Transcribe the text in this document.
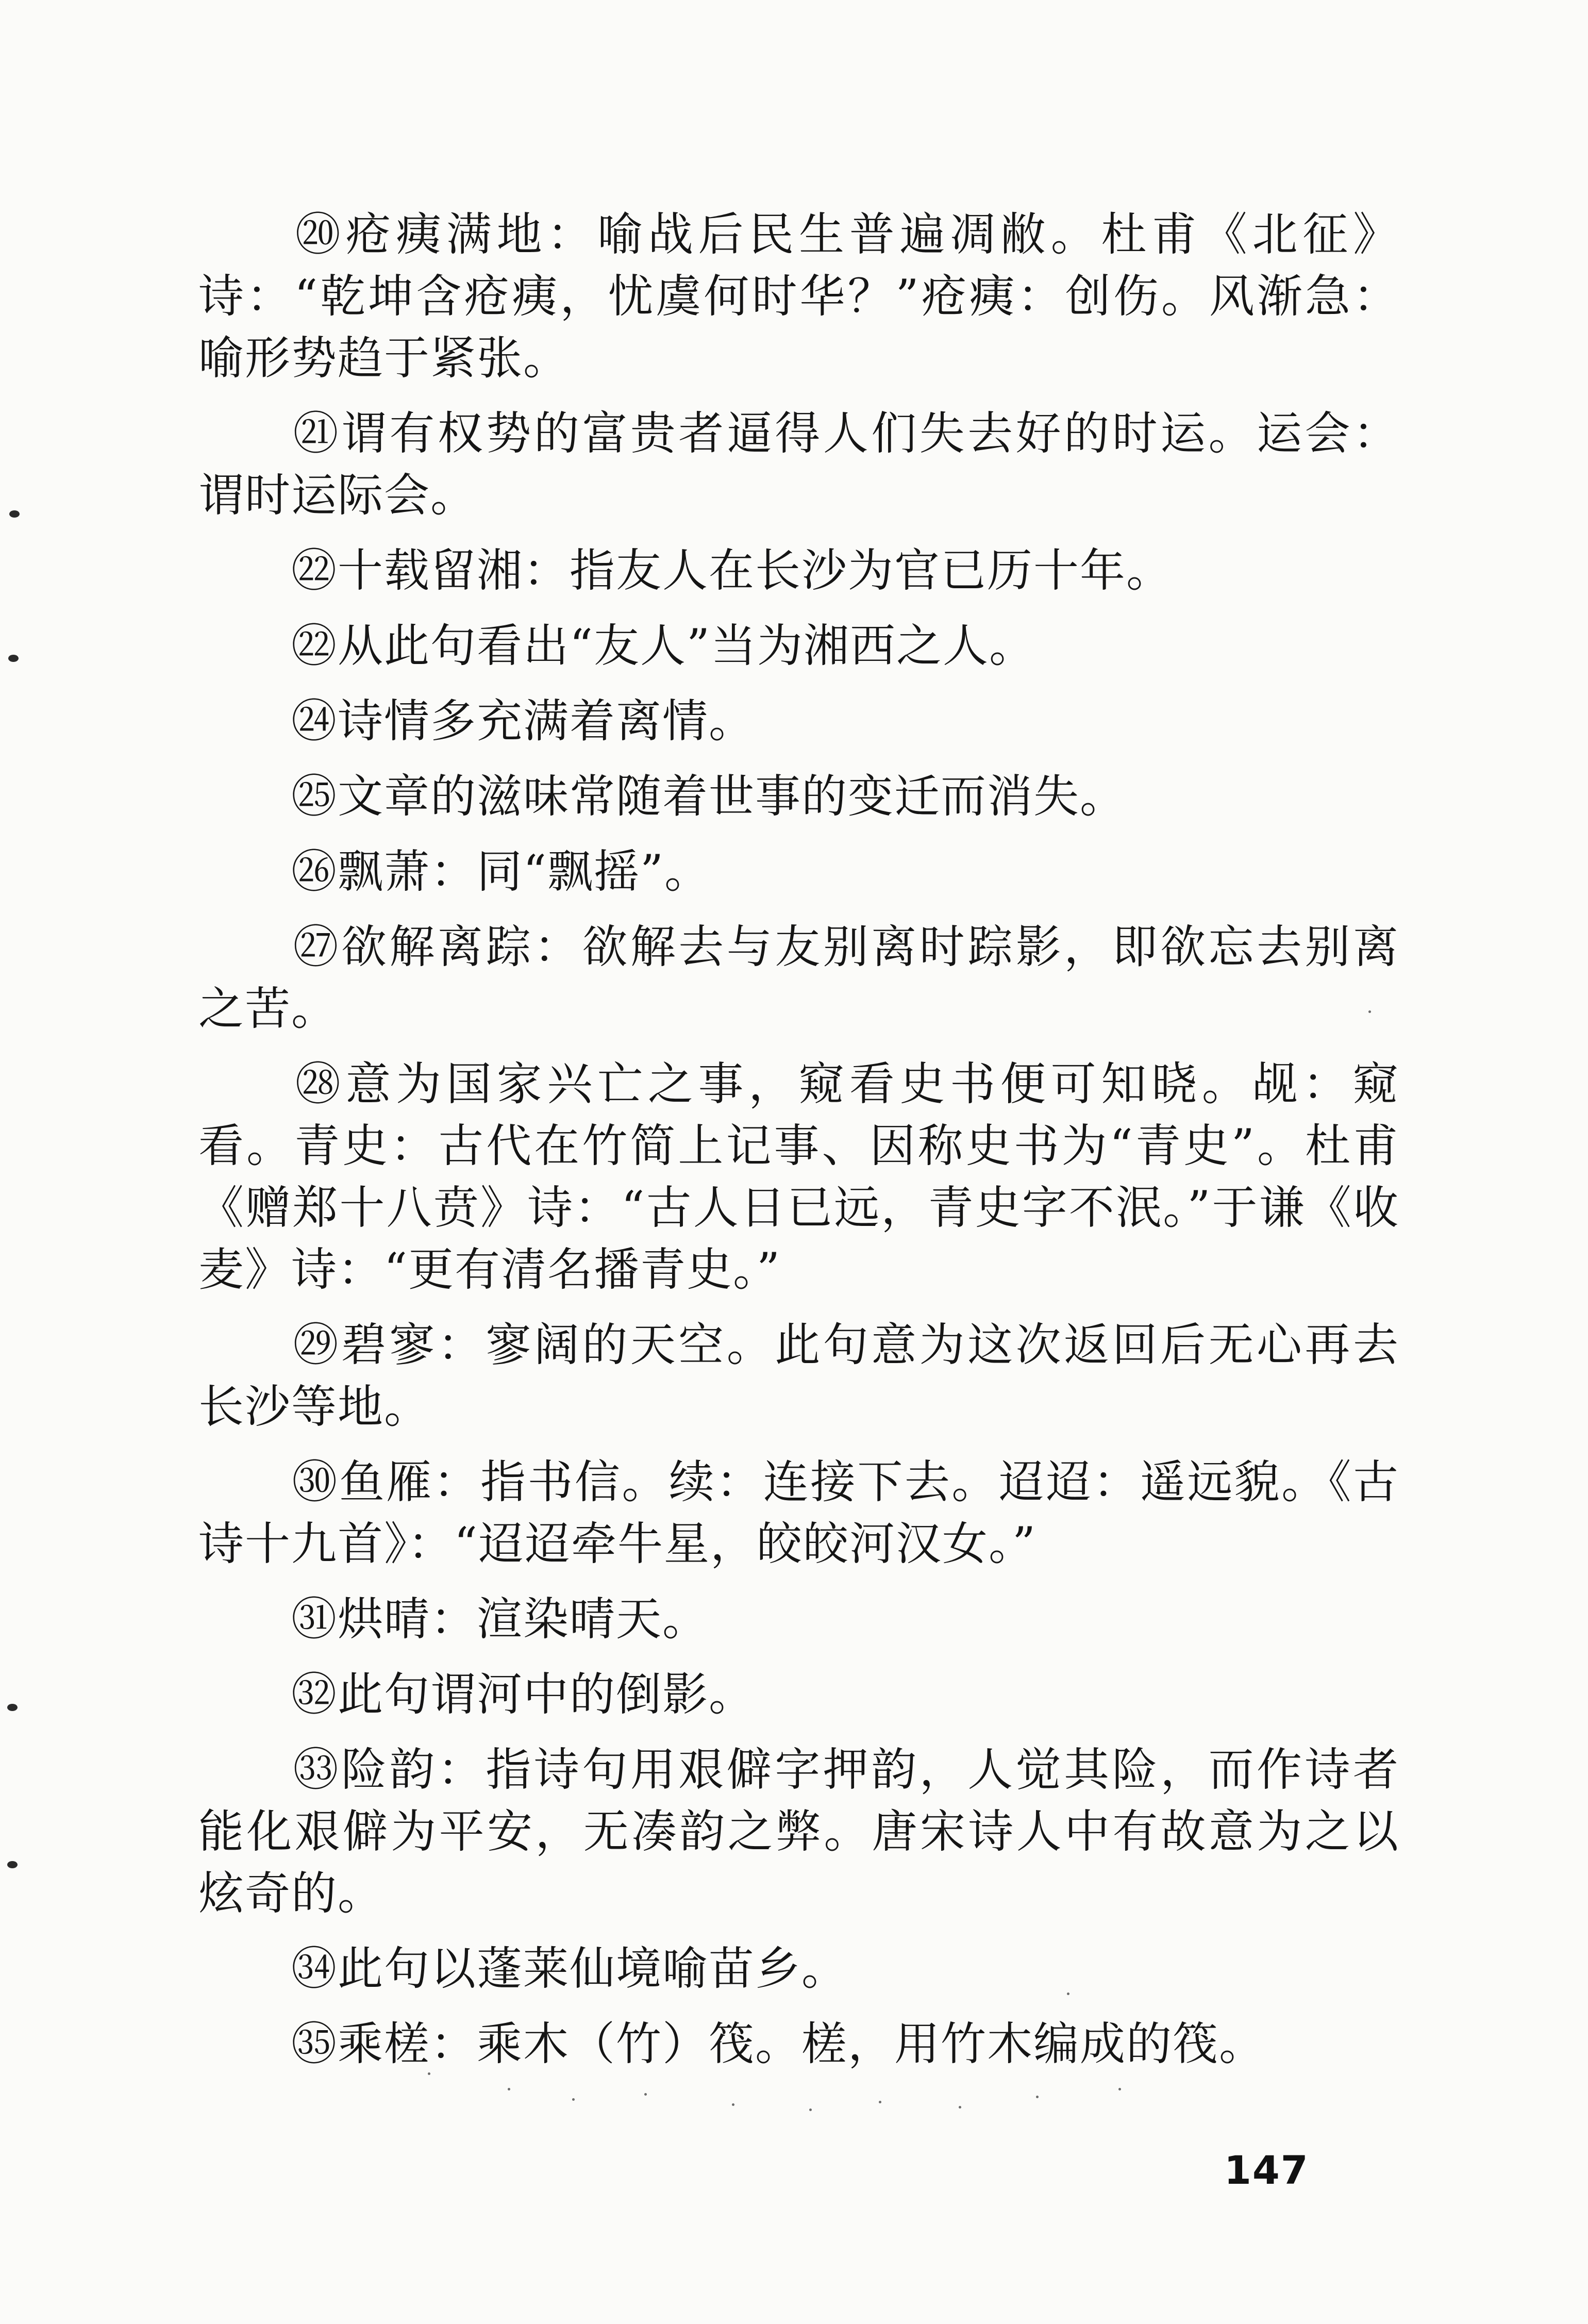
⑳疮痍满地：喻战后民生普遍凋敝。杜甫《北征》诗：“乾坤含疮痍，忧虞何时华？”疮痍：创伤。风渐急：喻形势趋于紧张。

㉑谓有权势的富贵者逼得人们失去好的时运。运会：谓时运际会。

㉒十载留湘：指友人在长沙为官已历十年。

㉒从此句看出“友人”当为湘西之人。

㉔诗情多充满着离情。

㉕文章的滋味常随着世事的变迁而消失。

㉖飘萧：同“飘摇”。

㉗欲解离踪：欲解去与友别离时踪影，即欲忘去别离之苦。

㉘意为国家兴亡之事，窥看史书便可知晓。觇：窥看。青史：古代在竹简上记事、因称史书为“青史”。杜甫《赠郑十八贲》诗：“古人日已远，青史字不泯。”于谦《收麦》诗：“更有清名播青史。”

㉙碧寥：寥阔的天空。此句意为这次返回后无心再去长沙等地。

㉚鱼雁：指书信。续：连接下去。迢迢：遥远貌。《古诗十九首》：“迢迢牵牛星，皎皎河汉女。”

㉛烘晴：渲染晴天。

㉜此句谓河中的倒影。

㉝险韵：指诗句用艰僻字押韵，人觉其险，而作诗者能化艰僻为平安，无凑韵之弊。唐宋诗人中有故意为之以炫奇的。

㉞此句以蓬莱仙境喻苗乡。

㉟乘槎：乘木（竹）筏。槎，用竹木编成的筏。

147
